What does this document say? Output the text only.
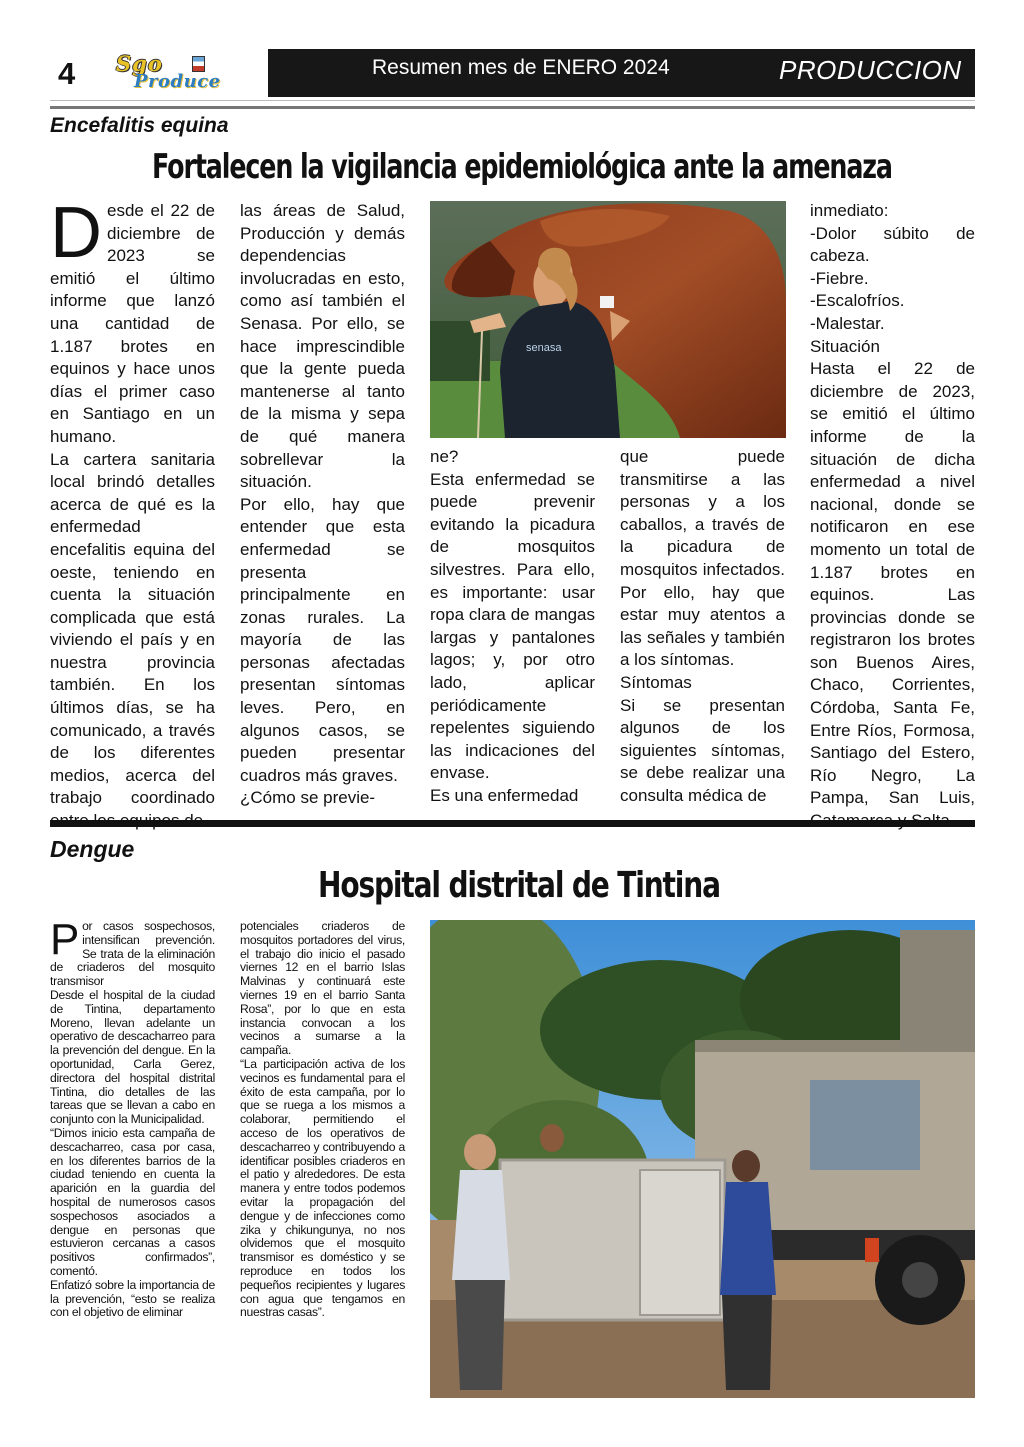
4 Sgo
Produce
Resumen mes de ENERO 2024	PRODUCCION
Encefalitis equina
Fortalecen la vigilancia epidemiológica ante la amenaza
D esde el 22 de diciembre de 2023 se emitió el último informe que lanzó una cantidad de 1.187 brotes en equinos y hace unos días el primer caso en Santiago en un humano.

La cartera sanitaria local brindó detalles acerca de qué es la enfermedad encefalitis equina del oeste, teniendo en cuenta la situación complicada que está viviendo el país y en nuestra provincia también. En los últimos días, se ha comunicado, a través de los diferentes medios, acerca del trabajo coordinado

las áreas de Salud, Producción y demás dependencias involucradas en esto, como así también el Senasa. Por ello, se hace imprescindible que la gente pueda mantenerse al tanto de la misma y sepa de qué manera sobrellevar la situación.

Por ello, hay que entender que esta enfermedad se presenta principalmente en zonas rurales. La mayoría de las personas afectadas presentan síntomas leves. Pero, en algunos casos, se pueden presentar cuadros más graves.

¿Cómo se previe-

senasa

ne?

Esta enfermedad se puede prevenir evitando la picadura de mosquitos silvestres. Para ello, es importante: usar ropa clara de mangas largas y pantalones lagos; y, por otro lado, aplicar periódicamente repelentes siguiendo las indicaciones del envase.

Es una enfermedad

que puede transmitirse a las personas y a los caballos, a través de la picadura de mosquitos infectados. Por ello, hay que estar muy atentos a las señales y también a los síntomas.

Síntomas

Si se presentan algunos de los siguientes síntomas, se debe realizar una consulta médica de

inmediato:

-Dolor súbito de cabeza.

-Fiebre.

-Escalofríos.

-Malestar.

Situación

Hasta el 22 de diciembre de 2023, se emitió el último informe de la situación de dicha enfermedad a nivel nacional, donde se notificaron en ese momento un total de 1.187 brotes en equinos. Las provincias donde se registraron los brotes son Buenos Aires, Chaco, Corrientes, Córdoba, Santa Fe, Entre Ríos, Formosa, Santiago del Estero, Río Negro, La Pampa, San Luis,

Dengue
Hospital distrital de Tintina
P or casos sospechosos, intensifican prevención. Se trata de la eliminación de criaderos del mosquito transmisor

Desde el hospital de la ciudad de Tintina, departamento Moreno, llevan adelante un operativo de descacharreo para la prevención del dengue. En la oportunidad, Carla Gerez, directora del hospital distrital Tintina, dio detalles de las tareas que se llevan a cabo en conjunto con la Municipalidad.

“Dimos inicio esta campaña de descacharreo, casa por casa, en los diferentes barrios de la ciudad teniendo en cuenta la aparición en la guardia del hospital de numerosos casos sospechosos asociados a dengue en personas que estuvieron cercanas a casos positivos confirmados”, comentó.

Enfatizó sobre la importancia de la prevención, “esto se realiza con el objetivo de eliminar

potenciales criaderos de mosquitos portadores del virus, el trabajo dio inicio el pasado viernes 12 en el barrio Islas Malvinas y continuará este viernes 19 en el barrio Santa Rosa”, por lo que en esta instancia convocan a los vecinos a sumarse a la campaña.

“La participación activa de los vecinos es fundamental para el éxito de esta campaña, por lo que se ruega a los mismos a colaborar, permitiendo el acceso de los operativos de descacharreo y contribuyendo a identificar posibles criaderos en el patio y alrededores. De esta manera y entre todos podemos evitar la propagación del dengue y de infecciones como zika y chikungunya, no nos olvidemos que el mosquito transmisor es doméstico y se reproduce en todos los pequeños recipientes y lugares con agua que tengamos en nuestras casas”.
